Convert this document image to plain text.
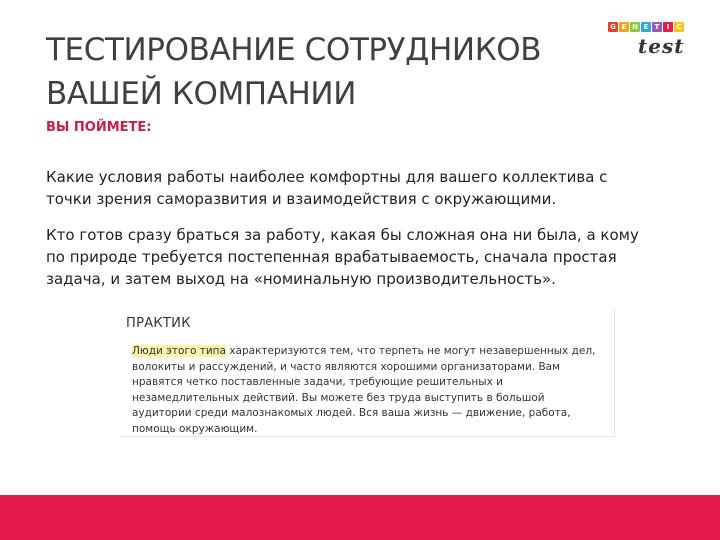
ТЕСТИРОВАНИЕ СОТРУДНИКОВ
ВАШЕЙ КОМПАНИИ
G E N E T	I	C
test
ВЫ ПОЙМЕТЕ:

Какие условия работы наиболее комфортны для вашего коллектива с точки зрения саморазвития и взаимодействия с окружающими.

Кто готов сразу браться за работу, какая бы сложная она ни была, а кому по природе требуется постепенная врабатываемость, сначала простая задача, и затем выход на «номинальную производительность».

ПРАКТИК

Люди этого типа характеризуются тем, что терпеть не могут незавершенных дел, волокиты и рассуждений, и часто являются хорошими организаторами. Вам нравятся четко поставленные задачи, требующие решительных и незамедлительных действий. Вы можете без труда выступить в большой аудитории среди малознакомых людей. Вся ваша жизнь — движение, работа, помощь окружающим.
